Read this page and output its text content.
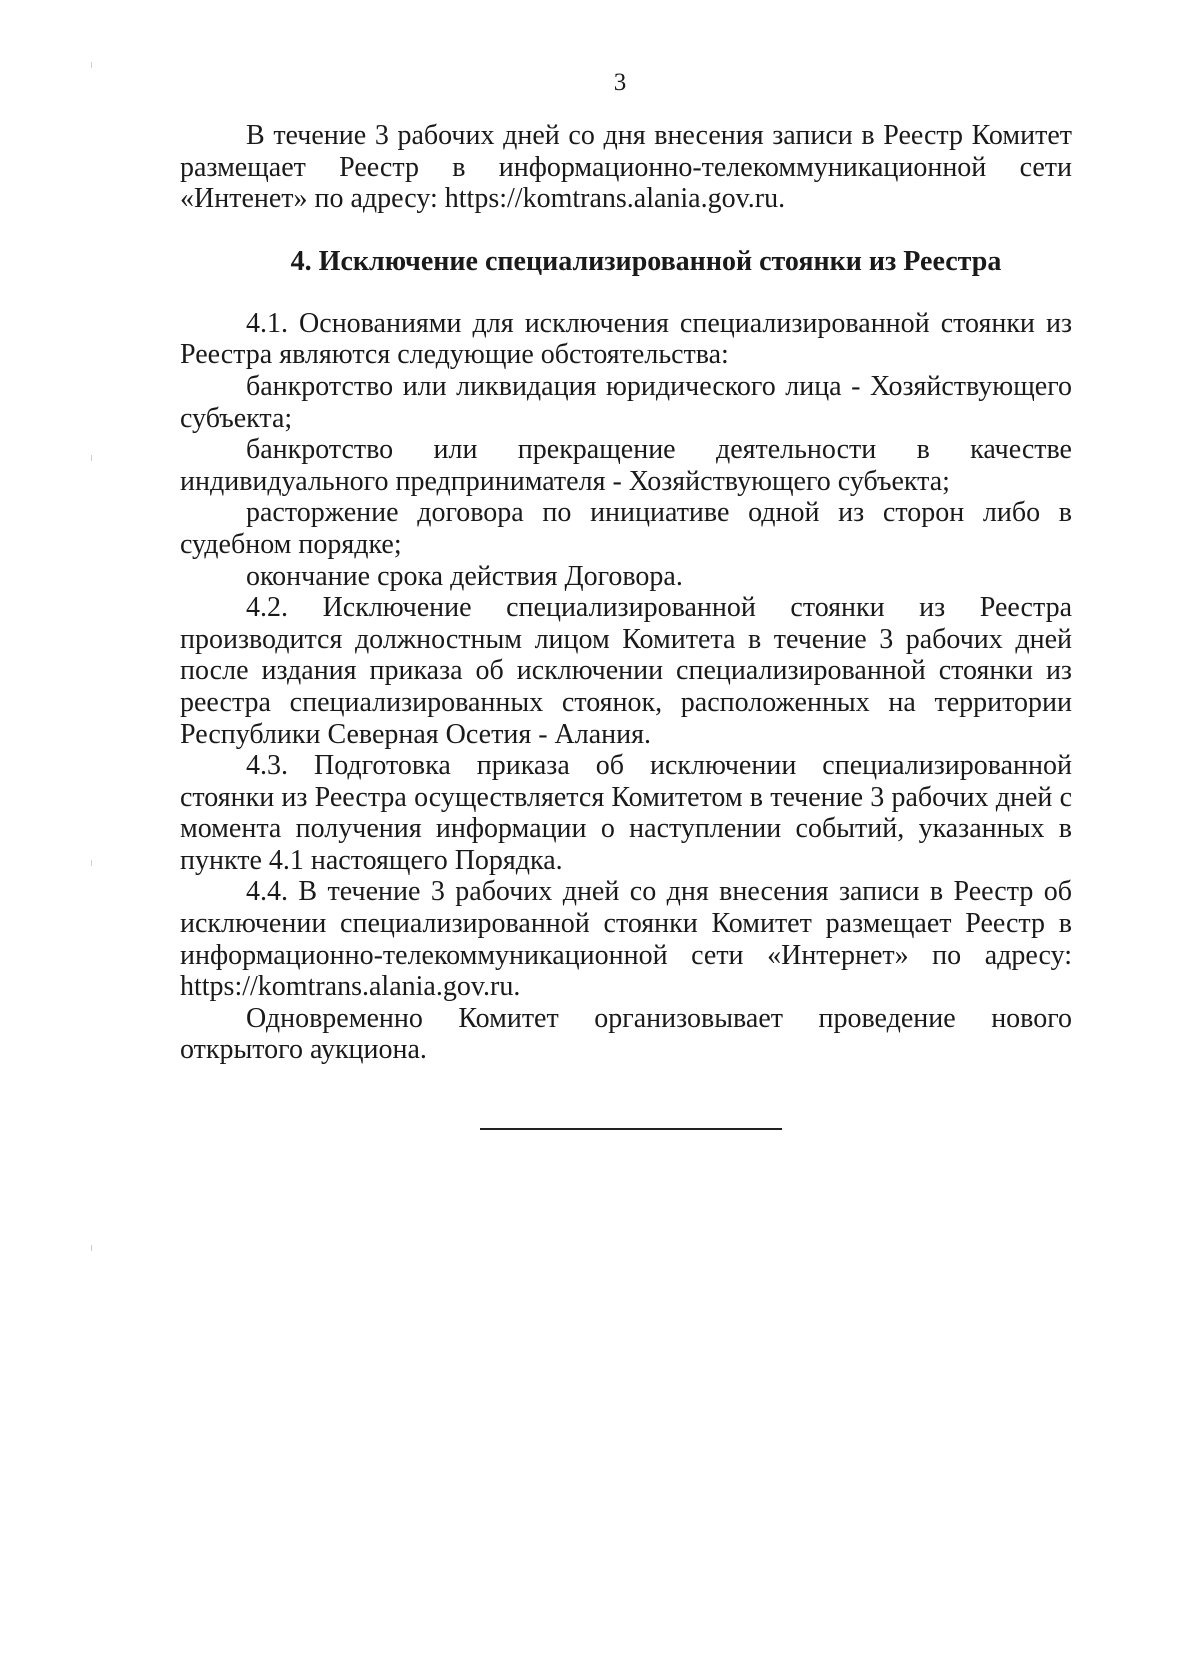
3

В течение 3 рабочих дней со дня внесения записи в Реестр Комитет

размещает Реестр в информационно-телекоммуникационной сети

«Интенет» по адресу: https://komtrans.alania.gov.ru.

4. Исключение специализированной стоянки из Реестра

4.1. Основаниями для исключения специализированной стоянки из Реестра являются следующие обстоятельства:

банкротство или ликвидация юридического лица - Хозяйствующего субъекта;

банкротство или прекращение деятельности в качестве индивидуального предпринимателя - Хозяйствующего субъекта;

расторжение договора по инициативе одной из сторон либо в судебном порядке;

окончание срока действия Договора.

4.2. Исключение специализированной стоянки из Реестра производится должностным лицом Комитета в течение 3 рабочих дней после издания приказа об исключении специализированной стоянки из реестра специализированных стоянок, расположенных на территории Республики Северная Осетия - Алания.

4.3. Подготовка приказа об исключении специализированной стоянки из Реестра осуществляется Комитетом в течение 3 рабочих дней с момента получения информации о наступлении событий, указанных в пункте 4.1 настоящего Порядка.

4.4. В течение 3 рабочих дней со дня внесения записи в Реестр об исключении специализированной стоянки Комитет размещает Реестр в информационно-телекоммуникационной сети «Интернет» по адресу: https://komtrans.alania.gov.ru.

Одновременно Комитет организовывает проведение нового открытого аукциона.
